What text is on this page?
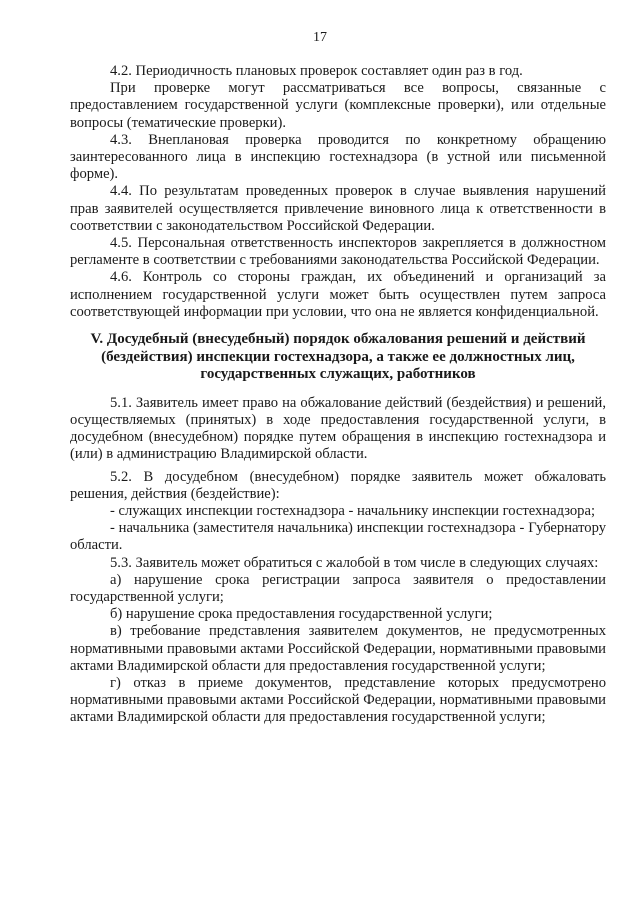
17

4.2. Периодичность плановых проверок составляет один раз в год.

При проверке могут рассматриваться все вопросы, связанные с предоставлением государственной услуги (комплексные проверки), или отдельные вопросы (тематические проверки).

4.3. Внеплановая проверка проводится по конкретному обращению заинтересованного лица в инспекцию гостехнадзора (в устной или письменной форме).

4.4. По результатам проведенных проверок в случае выявления нарушений прав заявителей осуществляется привлечение виновного лица к ответственности в соответствии с законодательством Российской Федерации.

4.5. Персональная ответственность инспекторов закрепляется в должностном регламенте в соответствии с требованиями законодательства Российской Федерации.

4.6. Контроль со стороны граждан, их объединений и организаций за исполнением государственной услуги может быть осуществлен путем запроса соответствующей информации при условии, что она не является конфиденциальной.

V. Досудебный (внесудебный) порядок обжалования решений и действий
(бездействия) инспекции гостехнадзора, а также ее должностных лиц,
государственных служащих, работников

5.1. Заявитель имеет право на обжалование действий (бездействия) и решений, осуществляемых (принятых) в ходе предоставления государственной услуги, в досудебном (внесудебном) порядке путем обращения в инспекцию гостехнадзора и (или) в администрацию Владимирской области.

5.2. В досудебном (внесудебном) порядке заявитель может обжаловать решения, действия (бездействие):

- служащих инспекции гостехнадзора - начальнику инспекции гостехнадзора;

- начальника (заместителя начальника) инспекции гостехнадзора - Губернатору области.

5.3. Заявитель может обратиться с жалобой в том числе в следующих случаях:

а) нарушение срока регистрации запроса заявителя о предоставлении государственной услуги;

б) нарушение срока предоставления государственной услуги;

в) требование представления заявителем документов, не предусмотренных нормативными правовыми актами Российской Федерации, нормативными правовыми актами Владимирской области для предоставления государственной услуги;

г) отказ в приеме документов, представление которых предусмотрено нормативными правовыми актами Российской Федерации, нормативными правовыми актами Владимирской области для предоставления государственной услуги;
